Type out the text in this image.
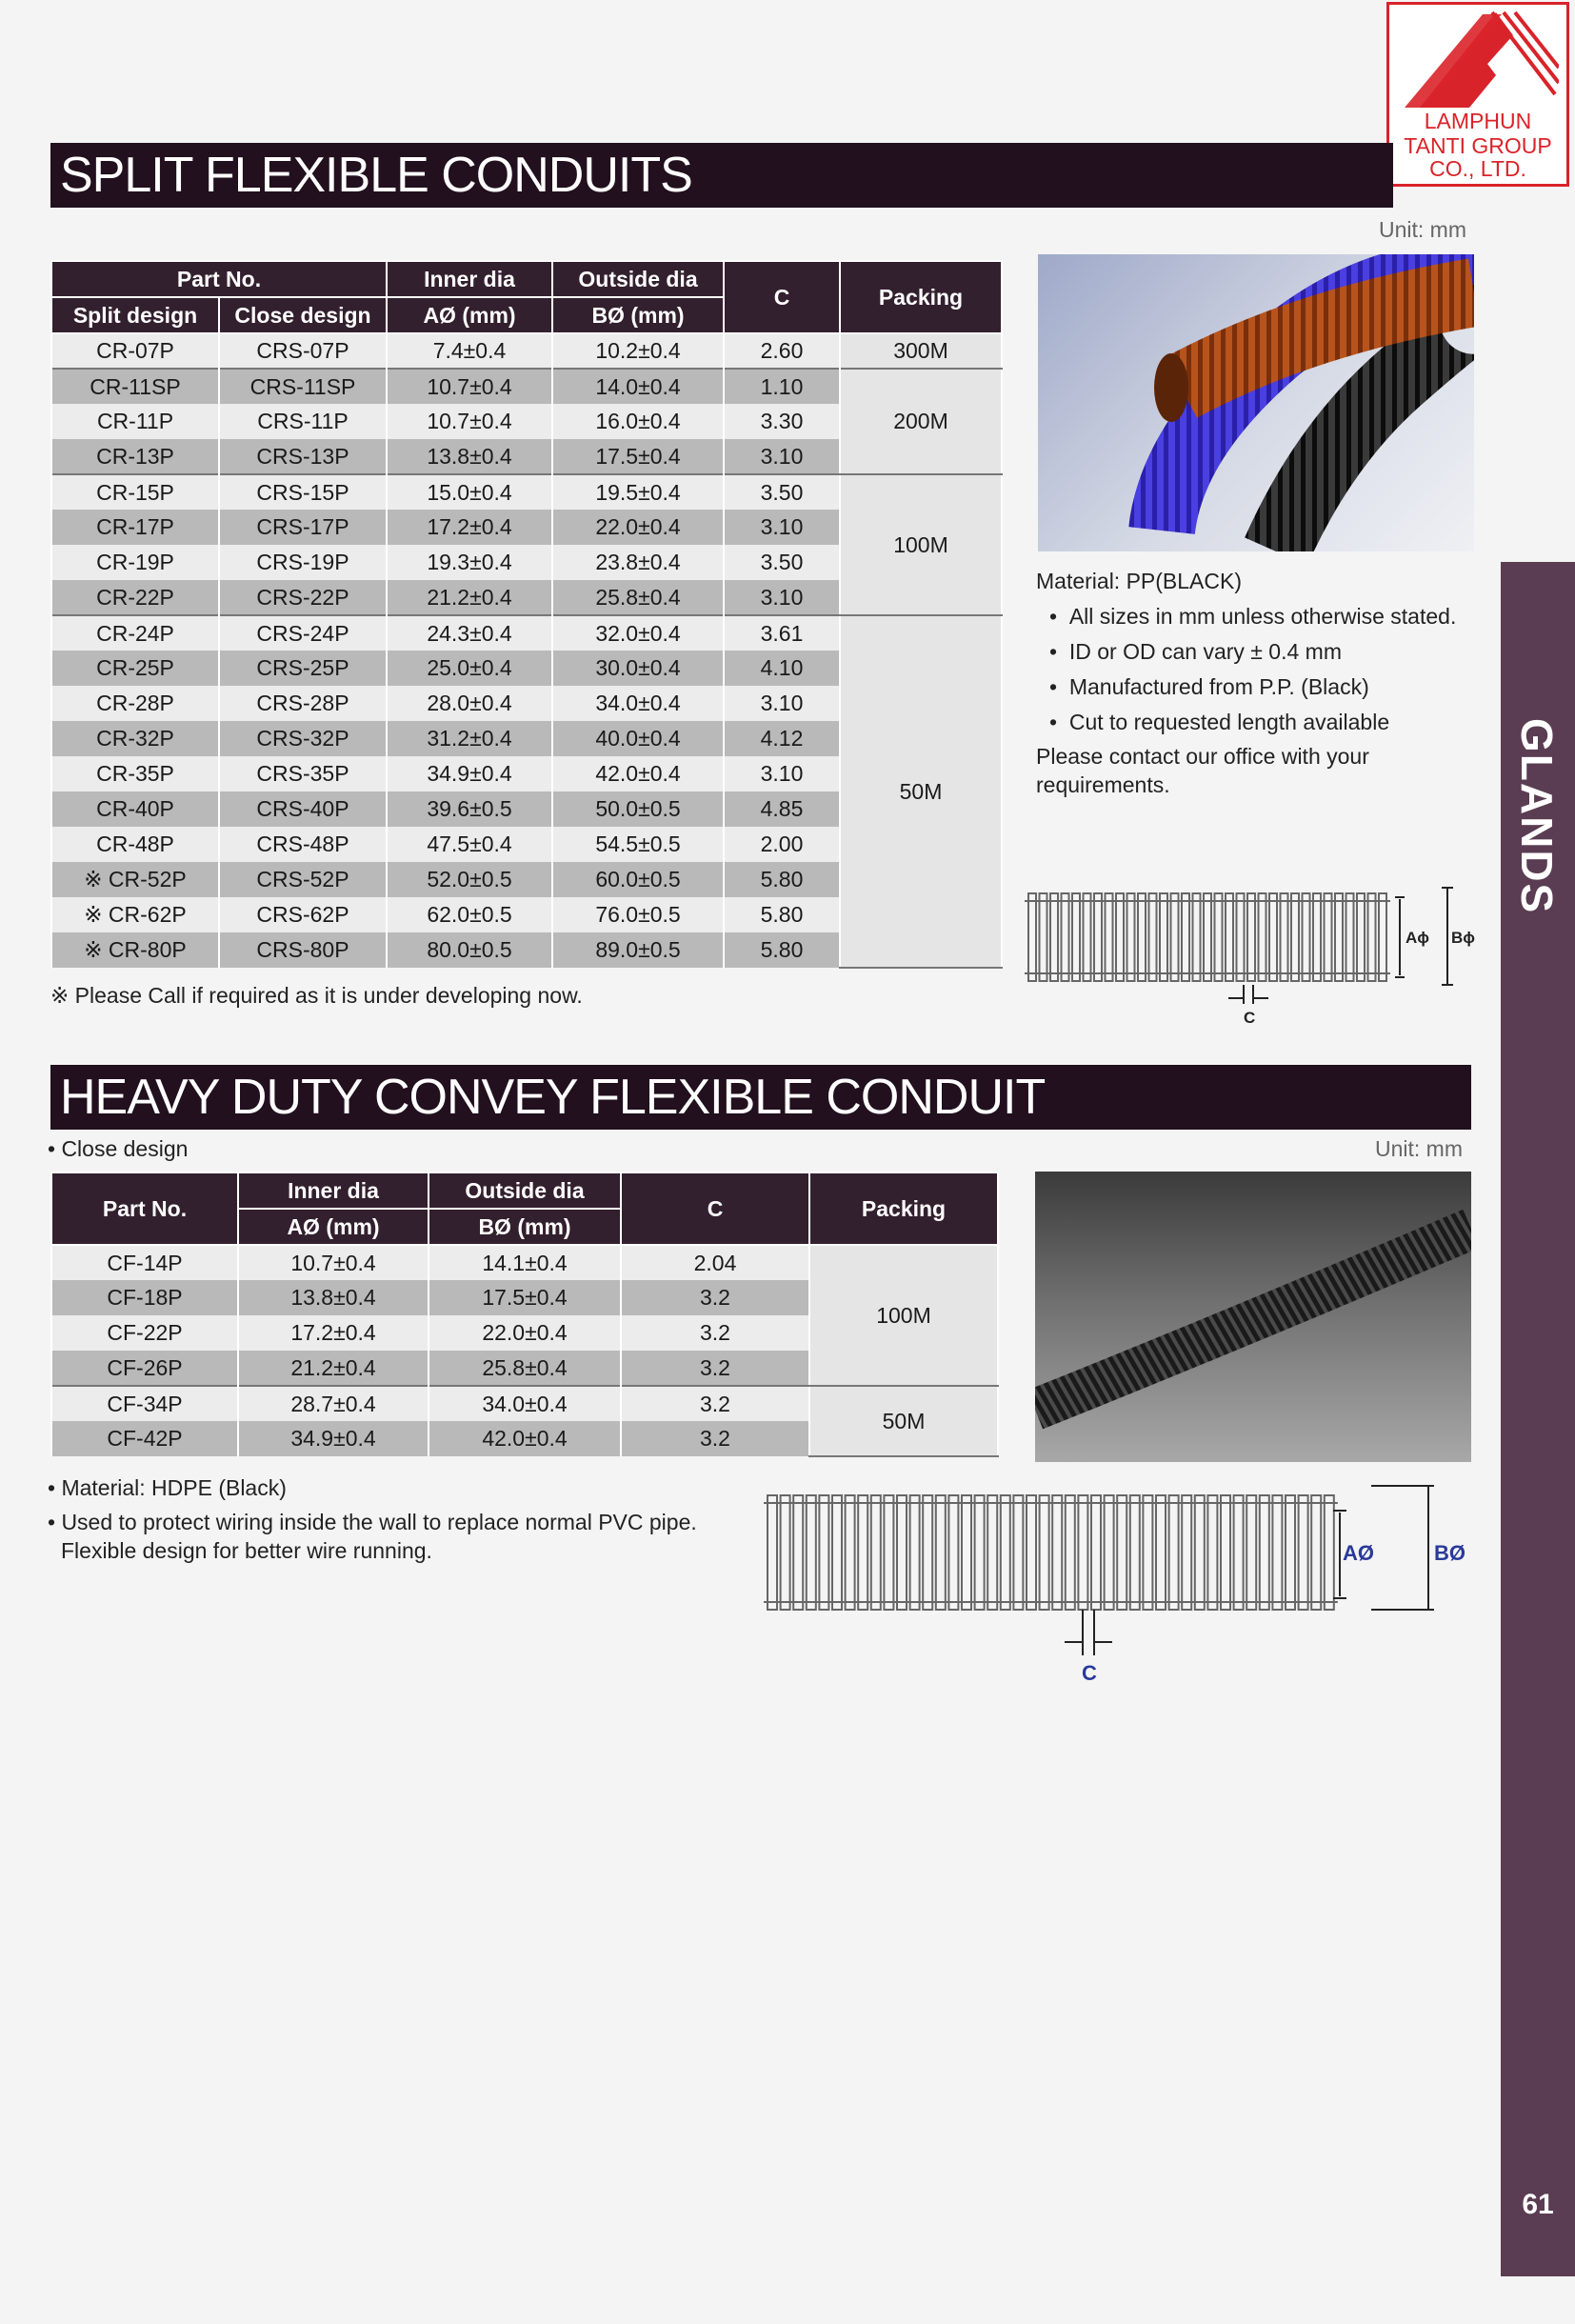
LAMPHUN
TANTI GROUP
CO., LTD.
GLANDS
61
SPLIT FLEXIBLE CONDUITS
Unit: mm
Part No.		Inner dia	Outside dia	C	Packing
Split design	Close design	AØ (mm)	BØ (mm)		
CR-07P	CRS-07P	7.4±0.4	10.2±0.4	2.60	300M
CR-11SP	CRS-11SP	10.7±0.4	14.0±0.4	1.10	200M
CR-11P	CRS-11P	10.7±0.4	16.0±0.4	3.30	
CR-13P	CRS-13P	13.8±0.4	17.5±0.4	3.10	
CR-15P	CRS-15P	15.0±0.4	19.5±0.4	3.50	100M
CR-17P	CRS-17P	17.2±0.4	22.0±0.4	3.10	
CR-19P	CRS-19P	19.3±0.4	23.8±0.4	3.50	
CR-22P	CRS-22P	21.2±0.4	25.8±0.4	3.10	
CR-24P	CRS-24P	24.3±0.4	32.0±0.4	3.61	50M
CR-25P	CRS-25P	25.0±0.4	30.0±0.4	4.10	
CR-28P	CRS-28P	28.0±0.4	34.0±0.4	3.10	
CR-32P	CRS-32P	31.2±0.4	40.0±0.4	4.12	
CR-35P	CRS-35P	34.9±0.4	42.0±0.4	3.10	
CR-40P	CRS-40P	39.6±0.5	50.0±0.5	4.85	
CR-48P	CRS-48P	47.5±0.4	54.5±0.5	2.00	
※ CR-52P	CRS-52P	52.0±0.5	60.0±0.5	5.80	
※ CR-62P	CRS-62P	62.0±0.5	76.0±0.5	5.80	
※ CR-80P	CRS-80P	80.0±0.5	89.0±0.5	5.80	
※ Please Call if required as it is under developing now.
Material: PP(BLACK)
•  All sizes in mm unless otherwise stated.
•  ID or OD can vary ± 0.4 mm
•  Manufactured from P.P. (Black)
•  Cut to requested length available
Please contact our office with your requirements.
Aϕ Bϕ
C
HEAVY DUTY CONVEY FLEXIBLE CONDUIT
• Close design	Unit: mm
Part No.	Inner dia	Outside dia	C	Packing
	AØ (mm)	BØ (mm)		
CF-14P	10.7±0.4	14.1±0.4	2.04	100M
CF-18P	13.8±0.4	17.5±0.4	3.2	
CF-22P	17.2±0.4	22.0±0.4	3.2	
CF-26P	21.2±0.4	25.8±0.4	3.2	
CF-34P	28.7±0.4	34.0±0.4	3.2	50M
CF-42P	34.9±0.4	42.0±0.4	3.2	
• Material: HDPE (Black)
• Used to protect wiring inside the wall to replace normal PVC pipe. Flexible design for better wire running.	AØ	BØ
C
